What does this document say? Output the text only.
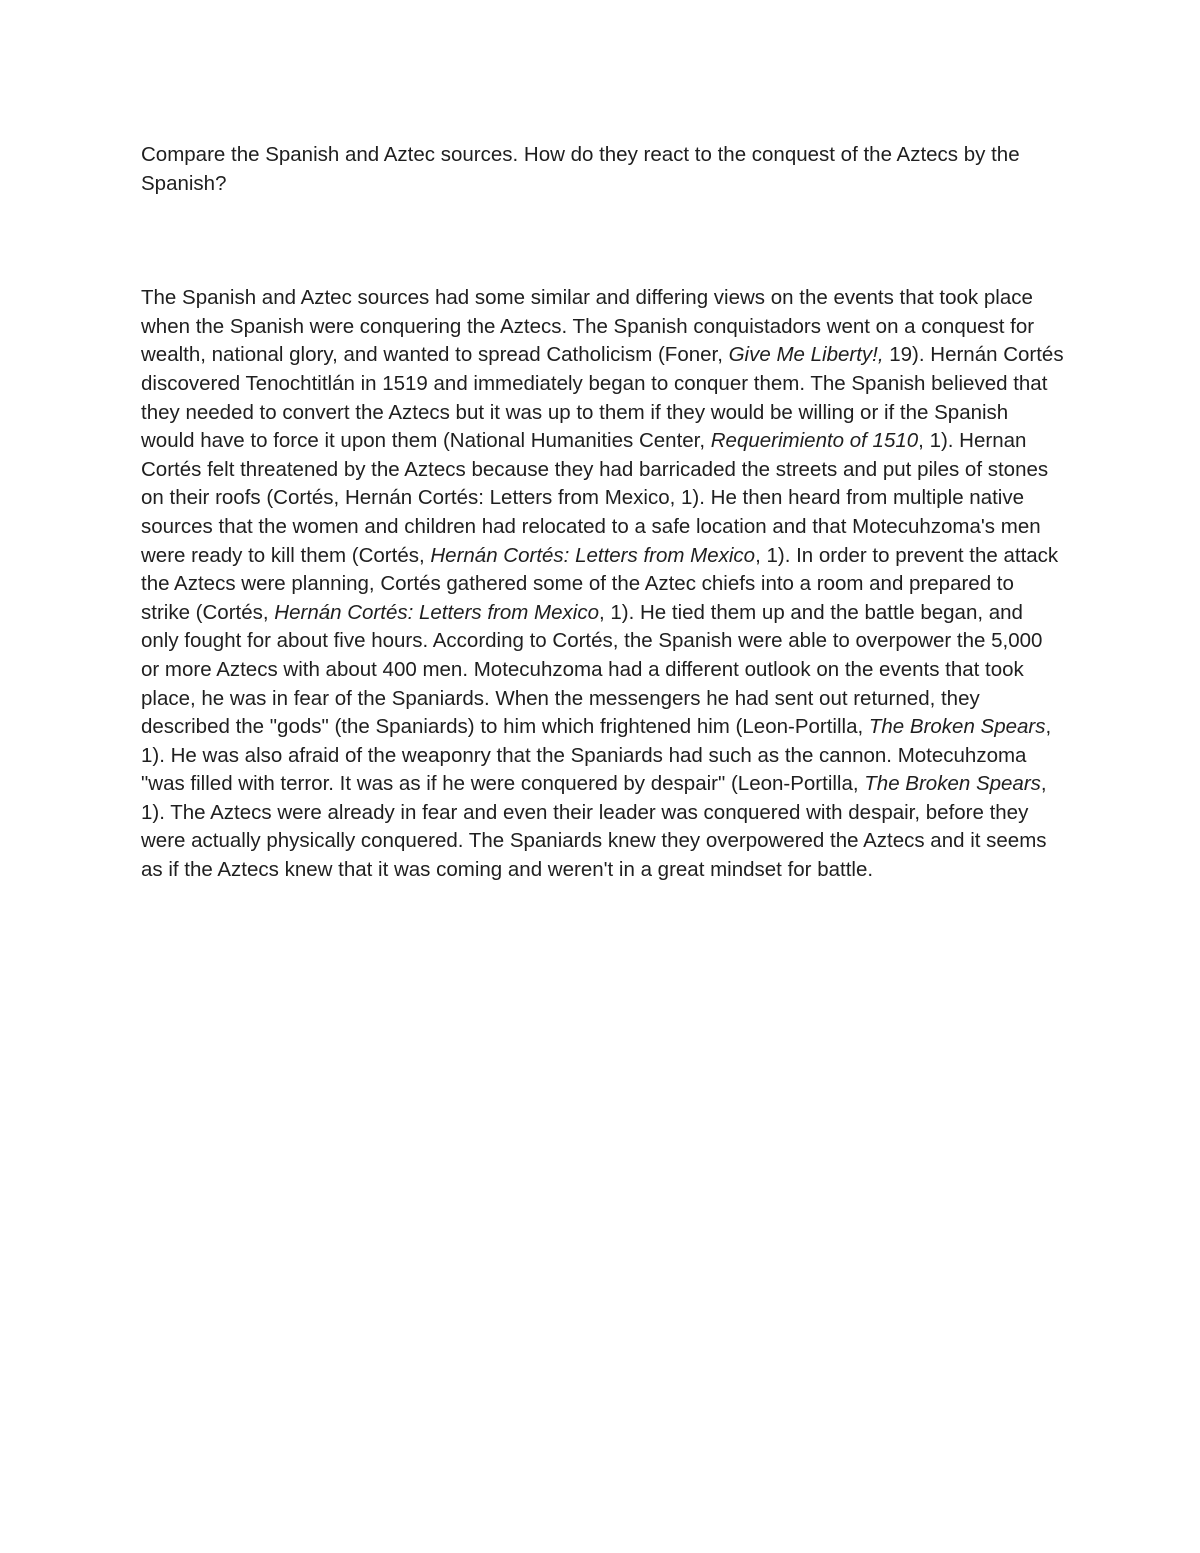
Compare the Spanish and Aztec sources. How do they react to the conquest of the Aztecs by the Spanish?

The Spanish and Aztec sources had some similar and differing views on the events that took place when the Spanish were conquering the Aztecs. The Spanish conquistadors went on a conquest for wealth, national glory, and wanted to spread Catholicism (Foner, Give Me Liberty!, 19). Hernán Cortés discovered Tenochtitlán in 1519 and immediately began to conquer them. The Spanish believed that they needed to convert the Aztecs but it was up to them if they would be willing or if the Spanish would have to force it upon them (National Humanities Center, Requerimiento of 1510, 1). Hernan Cortés felt threatened by the Aztecs because they had barricaded the streets and put piles of stones on their roofs (Cortés, Hernán Cortés: Letters from Mexico, 1). He then heard from multiple native sources that the women and children had relocated to a safe location and that Motecuhzoma's men were ready to kill them (Cortés, Hernán Cortés: Letters from Mexico, 1). In order to prevent the attack the Aztecs were planning, Cortés gathered some of the Aztec chiefs into a room and prepared to strike (Cortés, Hernán Cortés: Letters from Mexico, 1). He tied them up and the battle began, and only fought for about five hours. According to Cortés, the Spanish were able to overpower the 5,000 or more Aztecs with about 400 men. Motecuhzoma had a different outlook on the events that took place, he was in fear of the Spaniards. When the messengers he had sent out returned, they described the "gods" (the Spaniards) to him which frightened him (Leon-Portilla, The Broken Spears, 1). He was also afraid of the weaponry that the Spaniards had such as the cannon. Motecuhzoma "was filled with terror. It was as if he were conquered by despair" (Leon-Portilla, The Broken Spears, 1). The Aztecs were already in fear and even their leader was conquered with despair, before they were actually physically conquered. The Spaniards knew they overpowered the Aztecs and it seems as if the Aztecs knew that it was coming and weren't in a great mindset for battle.
